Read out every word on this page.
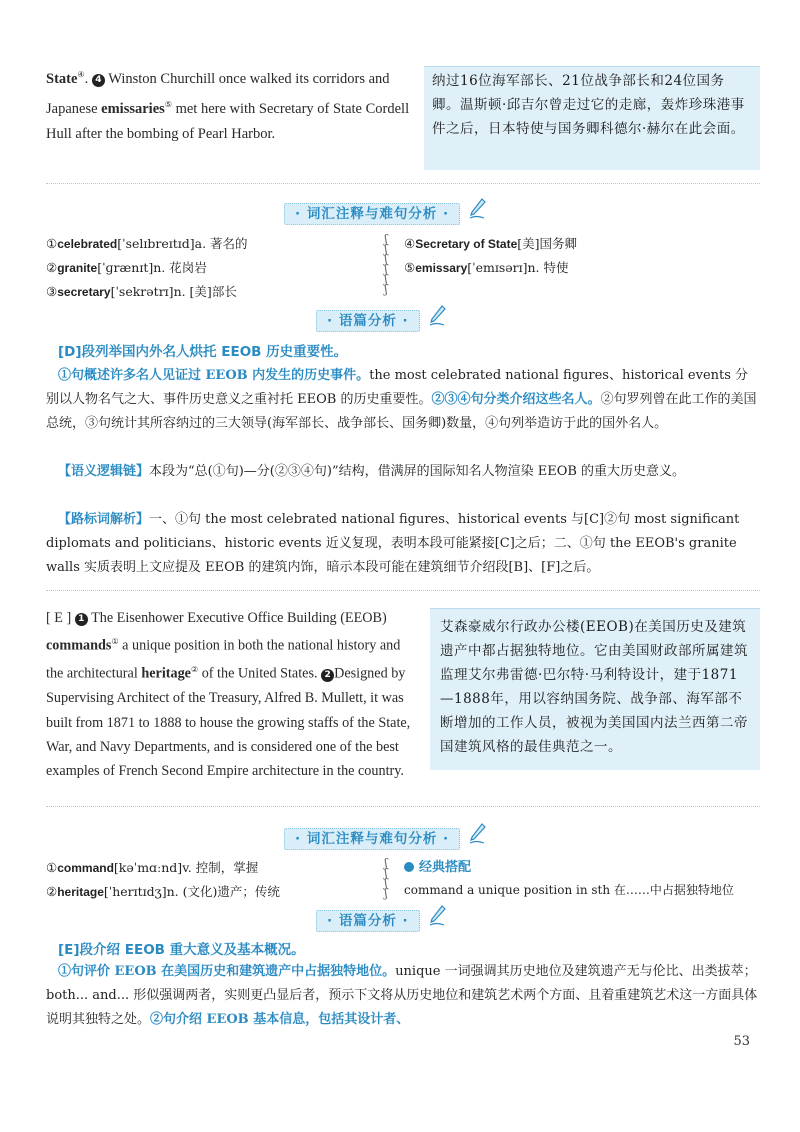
State④. 4 Winston Churchill once walked its corridors and Japanese emissaries⑤ met here with Secretary of State Cordell Hull after the bombing of Pearl Harbor.
纳过16位海军部长、21位战争部长和24位国务卿。温斯顿·邱吉尔曾走过它的走廊，轰炸珍珠港事件之后，日本特使与国务卿科德尔·赫尔在此会面。
· 词汇注释与难句分析 ·
①celebrated[ˈselɪbreɪtɪd]a. 著名的
②granite[ˈɡrænɪt]n. 花岗岩
③secretary[ˈsekrətrɪ]n. [美]部长
ʃ
ʃ
ʃ
ʃ
ʃ
ʃ
④Secretary of State[美]国务卿
⑤emissary[ˈemɪsərɪ]n. 特使
· 语篇分析 ·
[D]段列举国内外名人烘托 EEOB 历史重要性。
①句概述许多名人见证过 EEOB 内发生的历史事件。the most celebrated national figures、historical events 分别以人物名气之大、事件历史意义之重衬托 EEOB 的历史重要性。②③④句分类介绍这些名人。②句罗列曾在此工作的美国总统，③句统计其所容纳过的三大领导(海军部长、战争部长、国务卿)数量，④句列举造访于此的国外名人。
【语义逻辑链】本段为“总(①句)—分(②③④句)”结构，借满屏的国际知名人物渲染 EEOB 的重大历史意义。
【路标词解析】一、①句 the most celebrated national figures、historical events 与[C]②句 most significant diplomats and politicians、historic events 近义复现，表明本段可能紧接[C]之后；二、①句 the EEOB's granite walls 实质表明上文应提及 EEOB 的建筑内饰，暗示本段可能在建筑细节介绍段[B]、[F]之后。
[ E ] 1 The Eisenhower Executive Office Building (EEOB) commands① a unique position in both the national history and the architectural heritage② of the United States. 2 Designed by Supervising Architect of the Treasury, Alfred B. Mullett, it was built from 1871 to 1888 to house the growing staffs of the State, War, and Navy Departments, and is considered one of the best examples of French Second Empire architecture in the country.
艾森豪威尔行政办公楼(EEOB)在美国历史及建筑遗产中都占据独特地位。它由美国财政部所属建筑监理艾尔弗雷德·巴尔特·马利特设计，建于1871—1888年，用以容纳国务院、战争部、海军部不断增加的工作人员，被视为美国国内法兰西第二帝国建筑风格的最佳典范之一。
· 词汇注释与难句分析 ·
①command[kəˈmɑːnd]v. 控制，掌握
②heritage[ˈherɪtɪdʒ]n. (文化)遗产；传统
ʃ
ʃ
ʃ
ʃ
经典搭配
command a unique position in sth 在……中占据独特地位
· 语篇分析 ·
[E]段介绍 EEOB 重大意义及基本概况。
①句评价 EEOB 在美国历史和建筑遗产中占据独特地位。unique 一词强调其历史地位及建筑遗产无与伦比、出类拔萃；both... and... 形似强调两者，实则更凸显后者，预示下文将从历史地位和建筑艺术两个方面、且着重建筑艺术这一方面具体说明其独特之处。②句介绍 EEOB 基本信息，包括其设计者、
53
